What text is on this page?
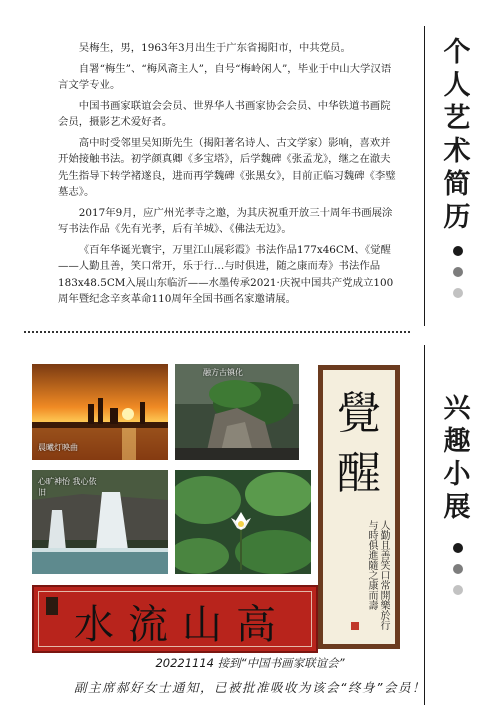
吴梅生，男，1963年3月出生于广东省揭阳市，中共党员。

自署“梅生”、“梅风斋主人”，自号“梅岭闲人”，毕业于中山大学汉语言文学专业。

中国书画家联谊会会员、世界华人书画家协会会员、中华铁道书画院会员，摄影艺术爱好者。

高中时受邻里吴知斯先生（揭阳著名诗人、古文学家）影响，喜欢并开始接触书法。初学颜真卿《多宝塔》，后学魏碑《张孟龙》，继之在澈夫先生指导下转学褚遂良，进而再学魏碑《张黑女》，目前正临习魏碑《李璧墓志》。

2017年9月，应广州光孝寺之邀，为其庆祝重开放三十周年书画展涂写书法作品《先有光孝，后有羊城》、《佛法无边》。

《百年华诞光寰宇，万里江山展彩霞》书法作品177x46CM、《觉醒——人勤且善，笑口常开，乐于行…与时俱进，随之康而寿》书法作品183x48.5CM入展山东临沂——水墨传承2021·庆祝中国共产党成立100周年暨纪念辛亥革命110周年全国书画名家邀请展。

个
人
艺
术
简
历
兴
趣
小
展
晨曦灯映曲
融方古镇化
心旷神怡 我心依旧
水流山高
覺
醒
人勤且善笑口常開樂於行与時俱進隨之康而壽
20221114 接到“中国书画家联谊会”
副主席郝好女士通知，已被批准吸收为该会“终身”会员！
